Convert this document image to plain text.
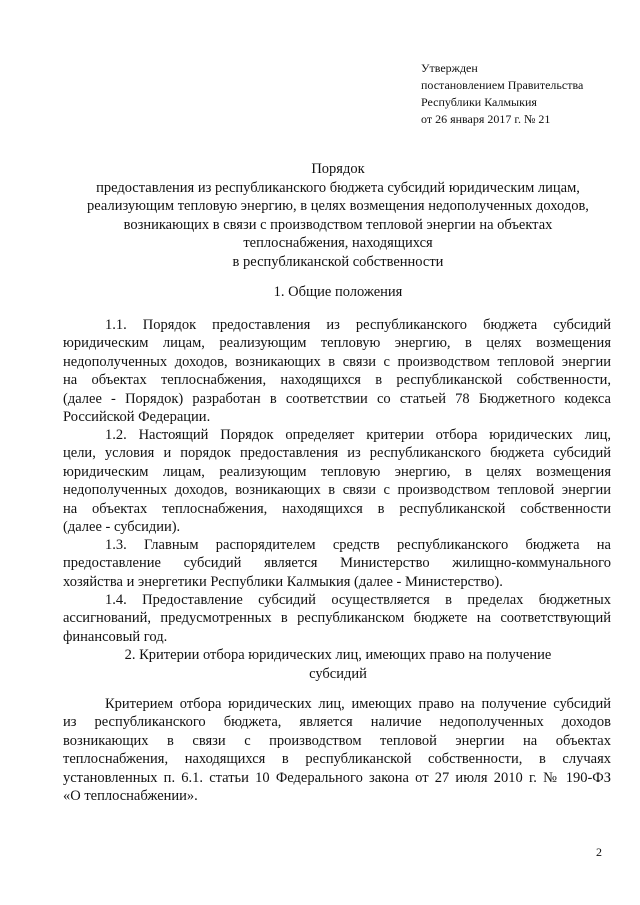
Утвержден
постановлением Правительства
Республики Калмыкия
от 26 января 2017 г. № 21
Порядок
предоставления из республиканского бюджета субсидий юридическим лицам,
реализующим тепловую энергию, в целях возмещения недополученных доходов,
возникающих в связи с производством тепловой энергии на объектах
теплоснабжения, находящихся
в республиканской собственности
1. Общие положения
1.1. Порядок предоставления из республиканского бюджета субсидий
юридическим лицам, реализующим тепловую энергию, в целях возмещения
недополученных доходов, возникающих в связи с производством тепловой энергии
на объектах теплоснабжения, находящихся в республиканской собственности,
(далее - Порядок) разработан в соответствии со статьей 78 Бюджетного кодекса
Российской Федерации.
1.2. Настоящий Порядок определяет критерии отбора юридических лиц,
цели, условия и порядок предоставления из республиканского бюджета субсидий
юридическим лицам, реализующим тепловую энергию, в целях возмещения
недополученных доходов, возникающих в связи с производством тепловой энергии
на объектах теплоснабжения, находящихся в республиканской собственности
(далее - субсидии).
1.3. Главным распорядителем средств республиканского бюджета на
предоставление субсидий является Министерство жилищно-коммунального
хозяйства и энергетики Республики Калмыкия (далее - Министерство).
1.4. Предоставление субсидий осуществляется в пределах бюджетных
ассигнований, предусмотренных в республиканском бюджете на соответствующий
финансовый год.
2. Критерии отбора юридических лиц, имеющих право на получение
субсидий
Критерием отбора юридических лиц, имеющих право на получение субсидий
из республиканского бюджета, является наличие недополученных доходов
возникающих в связи с производством тепловой энергии на объектах
теплоснабжения, находящихся в республиканской собственности, в случаях
установленных п. 6.1. статьи 10 Федерального закона от 27 июля 2010 г. № 190-ФЗ
«О теплоснабжении».
2
